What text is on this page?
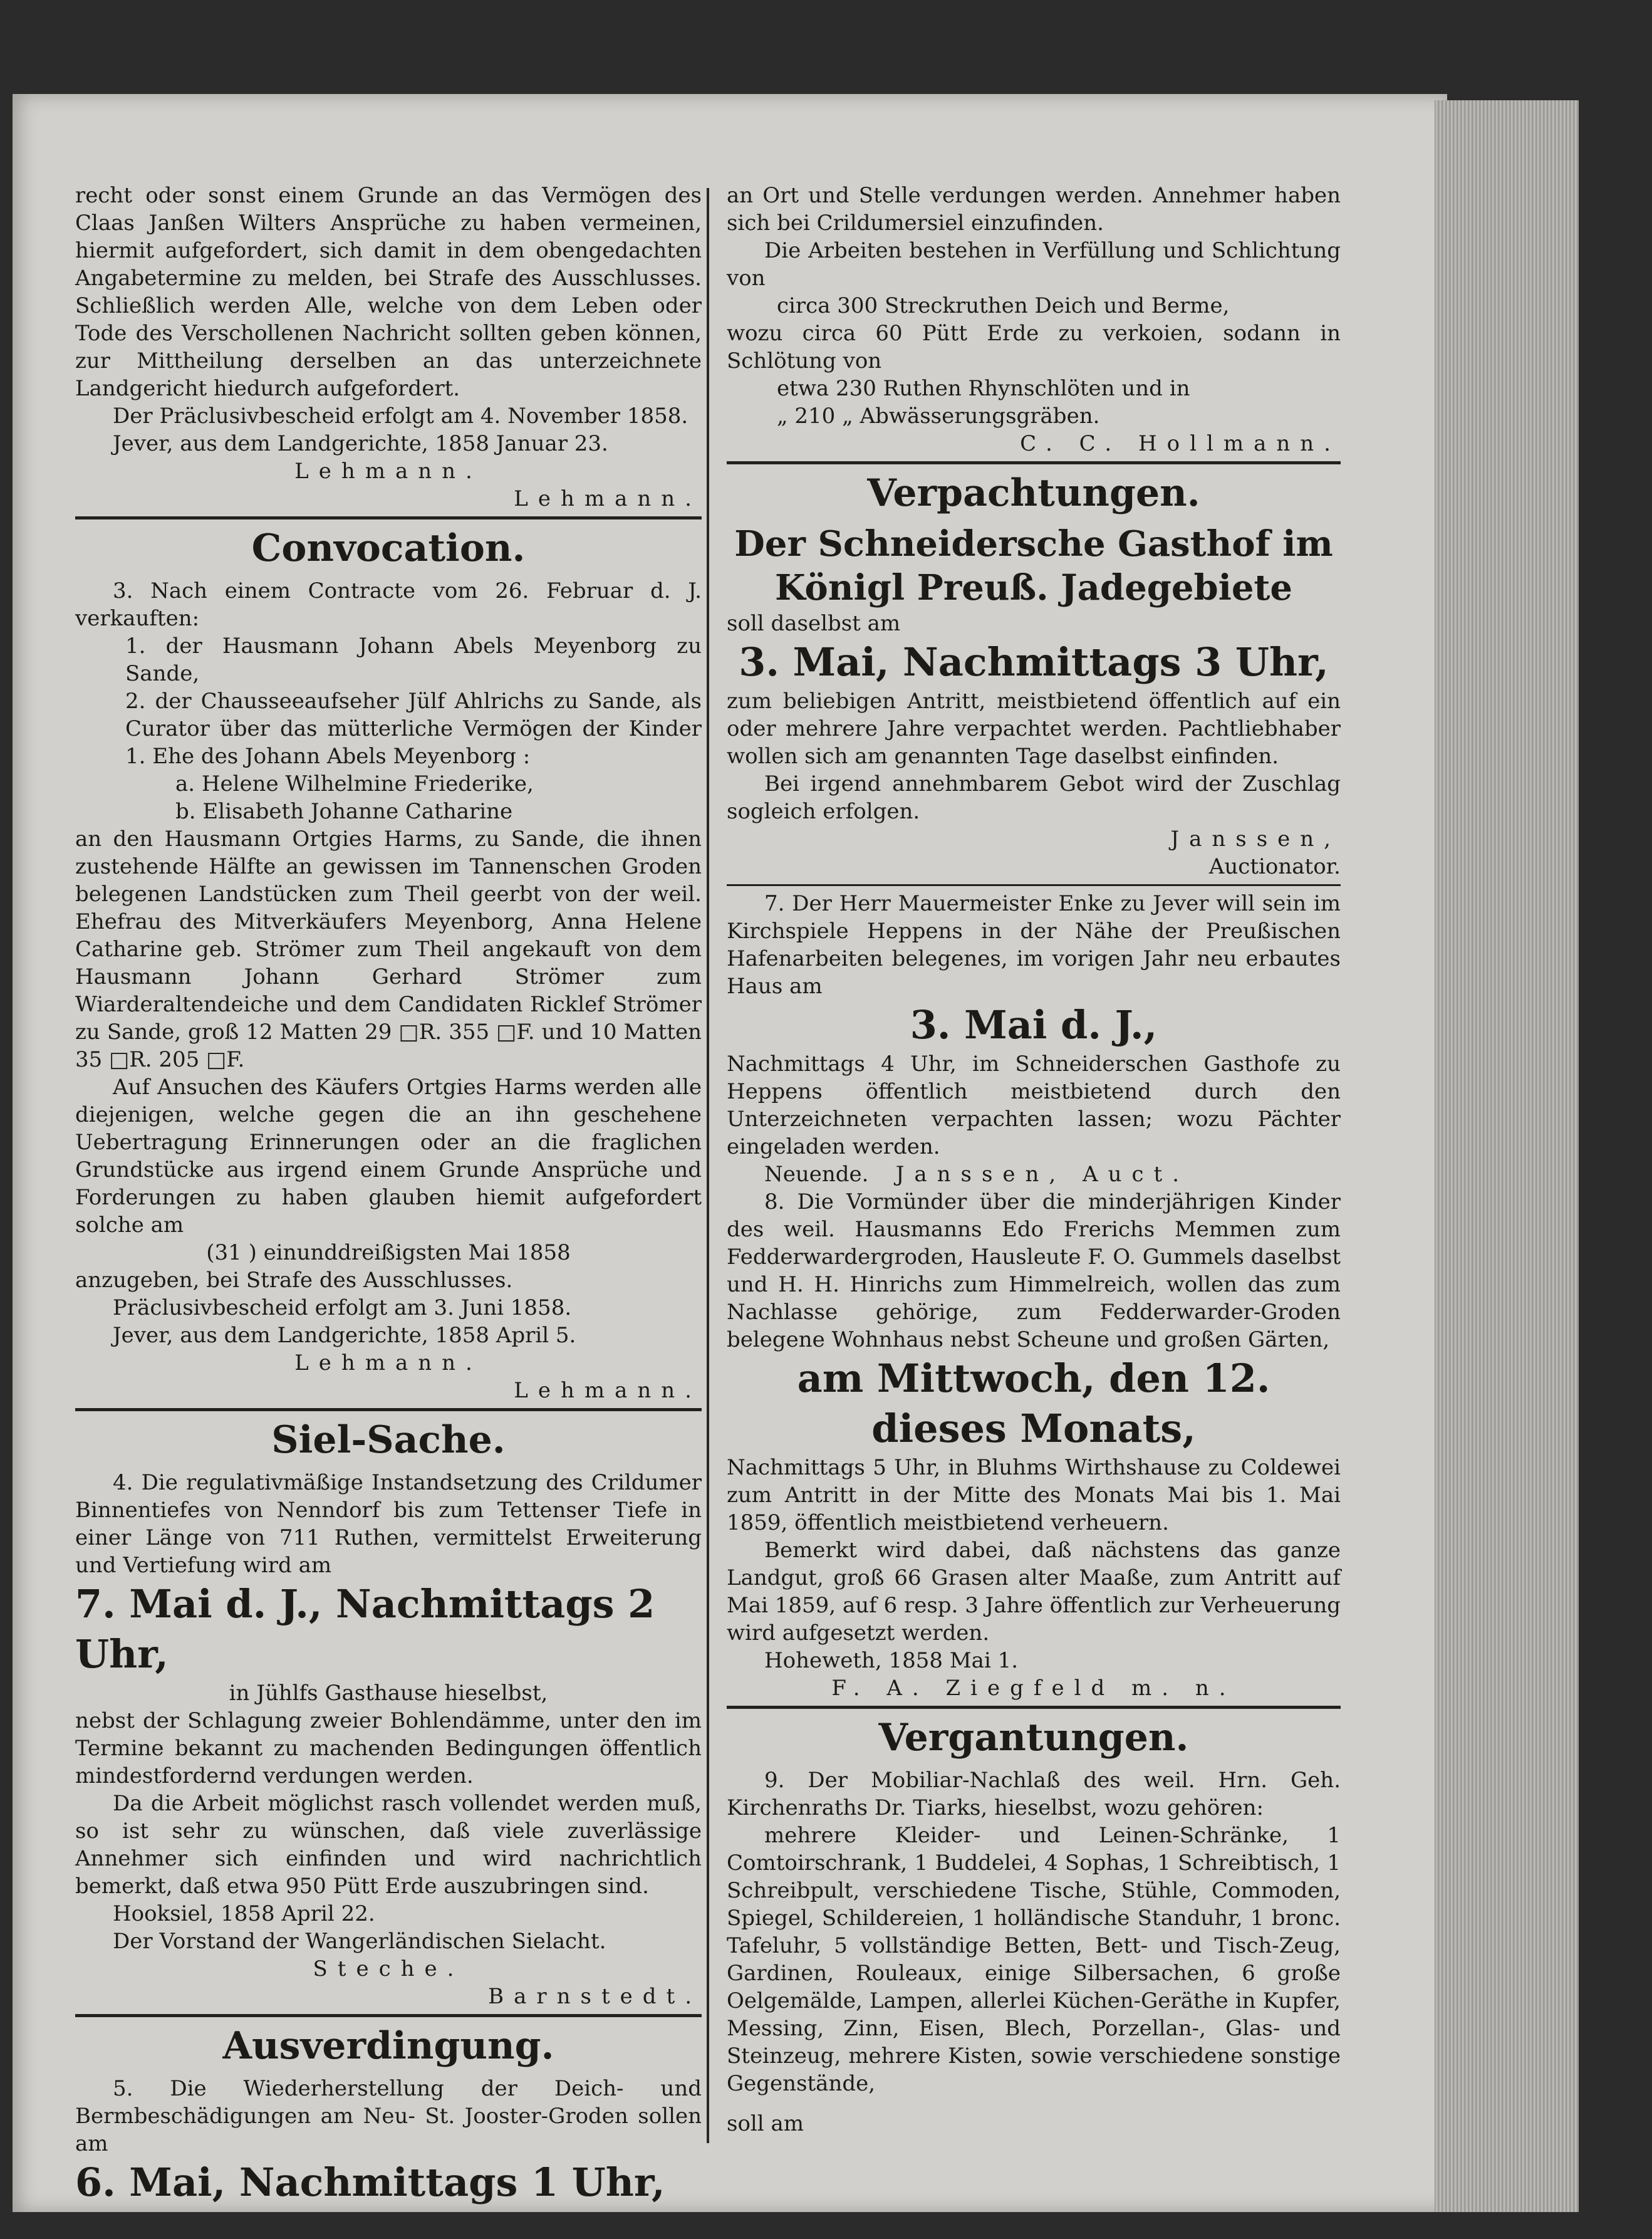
recht oder sonst einem Grunde an das Vermögen des Claas Janßen Wilters Ansprüche zu haben vermeinen, hiermit aufgefordert, sich damit in dem obengedachten Angabetermine zu melden, bei Strafe des Ausschlusses. Schließlich werden Alle, welche von dem Leben oder Tode des Verschollenen Nachricht sollten geben können, zur Mittheilung derselben an das unterzeichnete Landgericht hiedurch aufgefordert.

Der Präclusivbescheid erfolgt am 4. November 1858.

Jever, aus dem Landgerichte, 1858 Januar 23.

Lehmann.

Lehmann.

Convocation.

3. Nach einem Contracte vom 26. Februar d. J. verkauften:

1. der Hausmann Johann Abels Meyenborg zu Sande,

2. der Chausseeaufseher Jülf Ahlrichs zu Sande, als Curator über das mütterliche Vermögen der Kinder 1. Ehe des Johann Abels Meyenborg :

a. Helene Wilhelmine Friederike,

b. Elisabeth Johanne Catharine

an den Hausmann Ortgies Harms, zu Sande, die ihnen zustehende Hälfte an gewissen im Tannenschen Groden belegenen Landstücken zum Theil geerbt von der weil. Ehefrau des Mitverkäufers Meyenborg, Anna Helene Catharine geb. Strömer zum Theil angekauft von dem Hausmann Johann Gerhard Strömer zum Wiarderaltendeiche und dem Candidaten Ricklef Strömer zu Sande, groß 12 Matten 29 □R. 355 □F. und 10 Matten 35 □R. 205 □F.

Auf Ansuchen des Käufers Ortgies Harms werden alle diejenigen, welche gegen die an ihn geschehene Uebertragung Erinnerungen oder an die fraglichen Grundstücke aus irgend einem Grunde Ansprüche und Forderungen zu haben glauben hiemit aufgefordert solche am

(31 ) einunddreißigsten Mai 1858

anzugeben, bei Strafe des Ausschlusses.

Präclusivbescheid erfolgt am 3. Juni 1858.

Jever, aus dem Landgerichte, 1858 April 5.

Lehmann.

Lehmann.

Siel-Sache.

4. Die regulativmäßige Instandsetzung des Crildumer Binnentiefes von Nenndorf bis zum Tettenser Tiefe in einer Länge von 711 Ruthen, vermittelst Erweiterung und Vertiefung wird am

7. Mai d. J., Nachmittags 2 Uhr,

in Jühlfs Gasthause hieselbst,

nebst der Schlagung zweier Bohlendämme, unter den im Termine bekannt zu machenden Bedingungen öffentlich mindestfordernd verdungen werden.

Da die Arbeit möglichst rasch vollendet werden muß, so ist sehr zu wünschen, daß viele zuverlässige Annehmer sich einfinden und wird nachrichtlich bemerkt, daß etwa 950 Pütt Erde auszubringen sind.

Hooksiel, 1858 April 22.

Der Vorstand der Wangerländischen Sielacht.

Steche.

Barnstedt.

Ausverdingung.

5. Die Wiederherstellung der Deich- und Bermbeschädigungen am Neu- St. Jooster-Groden sollen am

6. Mai, Nachmittags 1 Uhr,

an Ort und Stelle verdungen werden. Annehmer haben sich bei Crildumersiel einzufinden.

Die Arbeiten bestehen in Verfüllung und Schlichtung von

circa 300 Streckruthen Deich und Berme,

wozu circa 60 Pütt Erde zu verkoien, sodann in Schlötung von

etwa 230 Ruthen Rhynschlöten und in

„ 210 „ Abwässerungsgräben.

C. C. Hollmann.

Verpachtungen.
Der Schneidersche Gasthof im Königl Preuß. Jadegebiete

soll daselbst am

3. Mai, Nachmittags 3 Uhr,

zum beliebigen Antritt, meistbietend öffentlich auf ein oder mehrere Jahre verpachtet werden. Pachtliebhaber wollen sich am genannten Tage daselbst einfinden.

Bei irgend annehmbarem Gebot wird der Zuschlag sogleich erfolgen.

Janssen,

Auctionator.

7. Der Herr Mauermeister Enke zu Jever will sein im Kirchspiele Heppens in der Nähe der Preußischen Hafenarbeiten belegenes, im vorigen Jahr neu erbautes Haus am

3. Mai d. J.,

Nachmittags 4 Uhr, im Schneiderschen Gasthofe zu Heppens öffentlich meistbietend durch den Unterzeichneten verpachten lassen; wozu Pächter eingeladen werden.

Neuende. Janssen, Auct.

8. Die Vormünder über die minderjährigen Kinder des weil. Hausmanns Edo Frerichs Memmen zum Fedderwardergroden, Hausleute F. O. Gummels daselbst und H. H. Hinrichs zum Himmelreich, wollen das zum Nachlasse gehörige, zum Fedderwarder-Groden belegene Wohnhaus nebst Scheune und großen Gärten,

am Mittwoch, den 12. dieses Monats,

Nachmittags 5 Uhr, in Bluhms Wirthshause zu Coldewei zum Antritt in der Mitte des Monats Mai bis 1. Mai 1859, öffentlich meistbietend verheuern.

Bemerkt wird dabei, daß nächstens das ganze Landgut, groß 66 Grasen alter Maaße, zum Antritt auf Mai 1859, auf 6 resp. 3 Jahre öffentlich zur Verheuerung wird aufgesetzt werden.

Hoheweth, 1858 Mai 1.

F. A. Ziegfeld m. n.

Vergantungen.

9. Der Mobiliar-Nachlaß des weil. Hrn. Geh. Kirchenraths Dr. Tiarks, hieselbst, wozu gehören:

mehrere Kleider- und Leinen-Schränke, 1 Comtoirschrank, 1 Buddelei, 4 Sophas, 1 Schreibtisch, 1 Schreibpult, verschiedene Tische, Stühle, Commoden, Spiegel, Schildereien, 1 holländische Standuhr, 1 bronc. Tafeluhr, 5 vollständige Betten, Bett- und Tisch-Zeug, Gardinen, Rouleaux, einige Silbersachen, 6 große Oelgemälde, Lampen, allerlei Küchen-Geräthe in Kupfer, Messing, Zinn, Eisen, Blech, Porzellan-, Glas- und Steinzeug, mehrere Kisten, sowie verschiedene sonstige Gegenstände,

soll am
